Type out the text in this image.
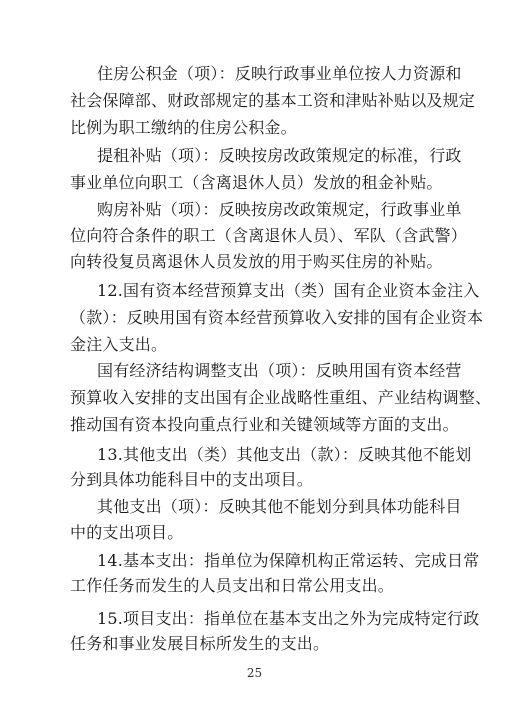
住房公积金（项）：反映行政事业单位按人力资源和
社会保障部、财政部规定的基本工资和津贴补贴以及规定
比例为职工缴纳的住房公积金。
提租补贴（项）：反映按房改政策规定的标准，行政
事业单位向职工（含离退休人员）发放的租金补贴。
购房补贴（项）：反映按房改政策规定，行政事业单
位向符合条件的职工（含离退休人员）、军队（含武警）
向转役复员离退休人员发放的用于购买住房的补贴。
12.国有资本经营预算支出（类）国有企业资本金注入
（款）：反映用国有资本经营预算收入安排的国有企业资本
金注入支出。
国有经济结构调整支出（项）：反映用国有资本经营
预算收入安排的支出国有企业战略性重组、产业结构调整、
推动国有资本投向重点行业和关键领域等方面的支出。
13.其他支出（类）其他支出（款）：反映其他不能划
分到具体功能科目中的支出项目。
其他支出（项）：反映其他不能划分到具体功能科目
中的支出项目。
14.基本支出：指单位为保障机构正常运转、完成日常
工作任务而发生的人员支出和日常公用支出。
15.项目支出：指单位在基本支出之外为完成特定行政
任务和事业发展目标所发生的支出。
25
